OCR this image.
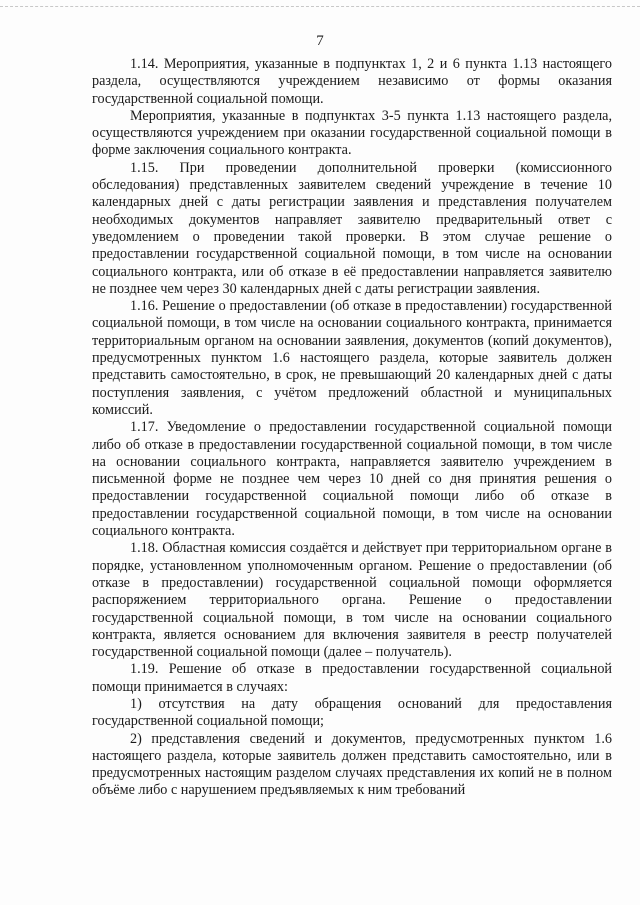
7

1.14. Мероприятия, указанные в подпунктах 1, 2 и 6 пункта 1.13 настоящего раздела, осуществляются учреждением независимо от формы оказания государственной социальной помощи.

Мероприятия, указанные в подпунктах 3-5 пункта 1.13 настоящего раздела, осуществляются учреждением при оказании государственной социальной помощи в форме заключения социального контракта.

1.15. При проведении дополнительной проверки (комиссионного обследования) представленных заявителем сведений учреждение в течение 10 календарных дней с даты регистрации заявления и представления получателем необходимых документов направляет заявителю предварительный ответ с уведомлением о проведении такой проверки. В этом случае решение о предоставлении государственной социальной помощи, в том числе на основании социального контракта, или об отказе в её предоставлении направляется заявителю не позднее чем через 30 календарных дней с даты регистрации заявления.

1.16. Решение о предоставлении (об отказе в предоставлении) государственной социальной помощи, в том числе на основании социального контракта, принимается территориальным органом на основании заявления, документов (копий документов), предусмотренных пунктом 1.6 настоящего раздела, которые заявитель должен представить самостоятельно, в срок, не превышающий 20 календарных дней с даты поступления заявления, с учётом предложений областной и муниципальных комиссий.

1.17. Уведомление о предоставлении государственной социальной помощи либо об отказе в предоставлении государственной социальной помощи, в том числе на основании социального контракта, направляется заявителю учреждением в письменной форме не позднее чем через 10 дней со дня принятия решения о предоставлении государственной социальной помощи либо об отказе в предоставлении государственной социальной помощи, в том числе на основании социального контракта.

1.18. Областная комиссия создаётся и действует при территориальном органе в порядке, установленном уполномоченным органом. Решение о предоставлении (об отказе в предоставлении) государственной социальной помощи оформляется распоряжением территориального органа. Решение о предоставлении государственной социальной помощи, в том числе на основании социального контракта, является основанием для включения заявителя в реестр получателей государственной социальной помощи (далее – получатель).

1.19. Решение об отказе в предоставлении государственной социальной помощи принимается в случаях:

1) отсутствия на дату обращения оснований для предоставления государственной социальной помощи;

2) представления сведений и документов, предусмотренных пунктом 1.6 настоящего раздела, которые заявитель должен представить самостоятельно, или в предусмотренных настоящим разделом случаях представления их копий не в полном объёме либо с нарушением предъявляемых к ним требований
